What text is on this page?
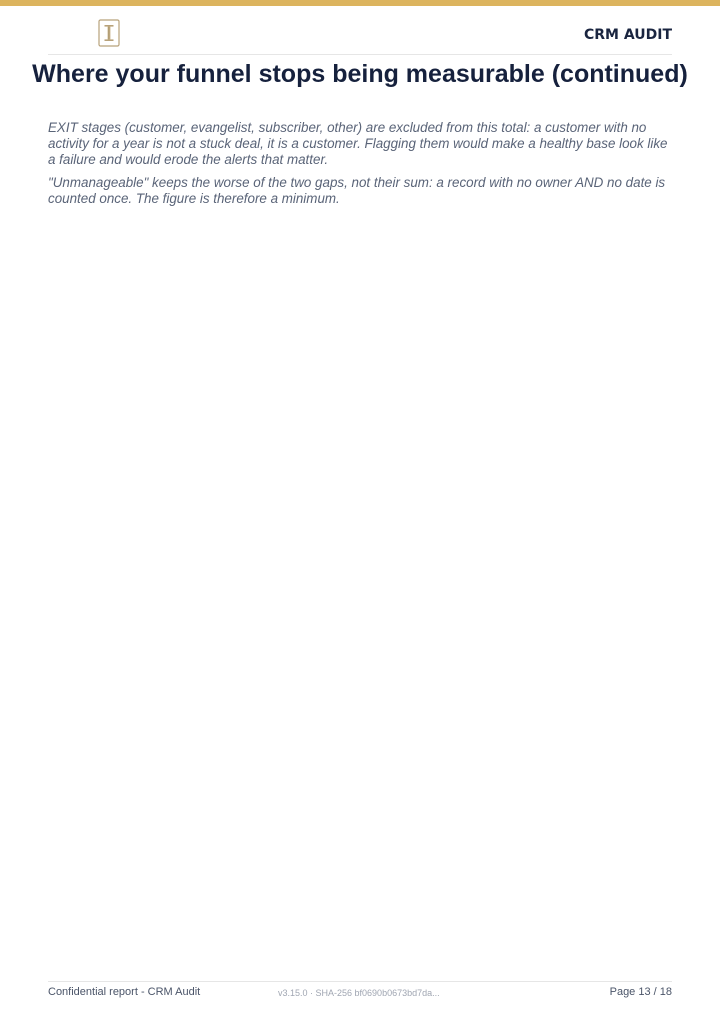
CRM AUDIT
Where your funnel stops being measurable (continued)

EXIT stages (customer, evangelist, subscriber, other) are excluded from this total: a customer with no activity for a year is not a stuck deal, it is a customer. Flagging them would make a healthy base look like a failure and would erode the alerts that matter.

"Unmanageable" keeps the worse of the two gaps, not their sum: a record with no owner AND no date is counted once. The figure is therefore a minimum.

Confidential report - CRM Audit	v3.15.0 · SHA-256 bf0690b0673bd7da...	Page 13 / 18
